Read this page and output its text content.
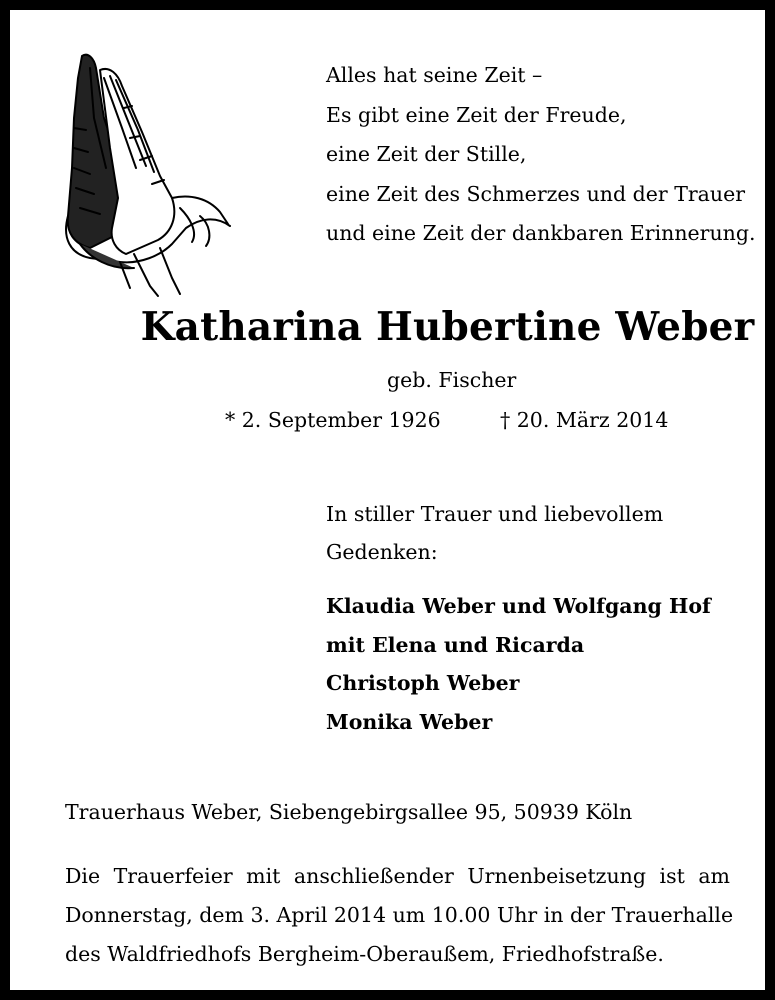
Alles hat seine Zeit –
Es gibt eine Zeit der Freude,
eine Zeit der Stille,
eine Zeit des Schmerzes und der Trauer
und eine Zeit der dankbaren Erinnerung.
Katharina Hubertine Weber
geb. Fischer
* 2. September 1926	† 20. März 2014
In stiller Trauer und liebevollem
Gedenken:
Klaudia Weber und Wolfgang Hof
mit Elena und Ricarda
Christoph Weber
Monika Weber
Trauerhaus Weber, Siebengebirgsallee 95, 50939 Köln
Die Trauerfeier mit anschließender Urnenbeisetzung ist am
Donnerstag, dem 3. April 2014 um 10.00 Uhr in der Trauerhalle
des Waldfriedhofs Bergheim-Oberaußem, Friedhofstraße.
